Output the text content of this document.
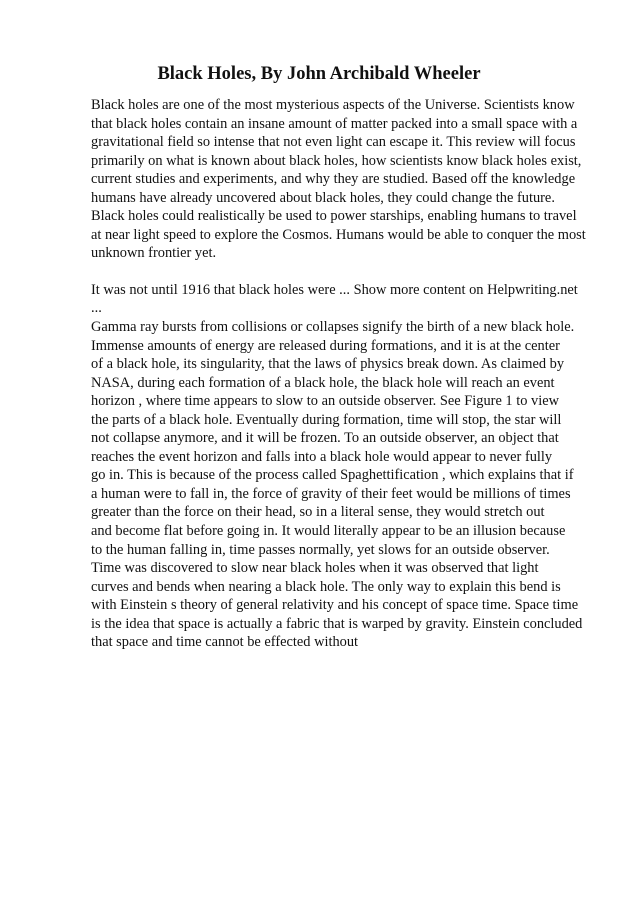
Black Holes, By John Archibald Wheeler

Black holes are one of the most mysterious aspects of the Universe. Scientists know
that black holes contain an insane amount of matter packed into a small space with a
gravitational field so intense that not even light can escape it. This review will focus
primarily on what is known about black holes, how scientists know black holes exist,
current studies and experiments, and why they are studied. Based off the knowledge
humans have already uncovered about black holes, they could change the future.
Black holes could realistically be used to power starships, enabling humans to travel
at near light speed to explore the Cosmos. Humans would be able to conquer the most
unknown frontier yet.

It was not until 1916 that black holes were ... Show more content on Helpwriting.net
...
Gamma ray bursts from collisions or collapses signify the birth of a new black hole.
Immense amounts of energy are released during formations, and it is at the center
of a black hole, its singularity, that the laws of physics break down. As claimed by
NASA, during each formation of a black hole, the black hole will reach an event
horizon , where time appears to slow to an outside observer. See Figure 1 to view
the parts of a black hole. Eventually during formation, time will stop, the star will
not collapse anymore, and it will be frozen. To an outside observer, an object that
reaches the event horizon and falls into a black hole would appear to never fully
go in. This is because of the process called Spaghettification , which explains that if
a human were to fall in, the force of gravity of their feet would be millions of times
greater than the force on their head, so in a literal sense, they would stretch out
and become flat before going in. It would literally appear to be an illusion because
to the human falling in, time passes normally, yet slows for an outside observer.
Time was discovered to slow near black holes when it was observed that light
curves and bends when nearing a black hole. The only way to explain this bend is
with Einstein s theory of general relativity and his concept of space time. Space time
is the idea that space is actually a fabric that is warped by gravity. Einstein concluded
that space and time cannot be effected without
